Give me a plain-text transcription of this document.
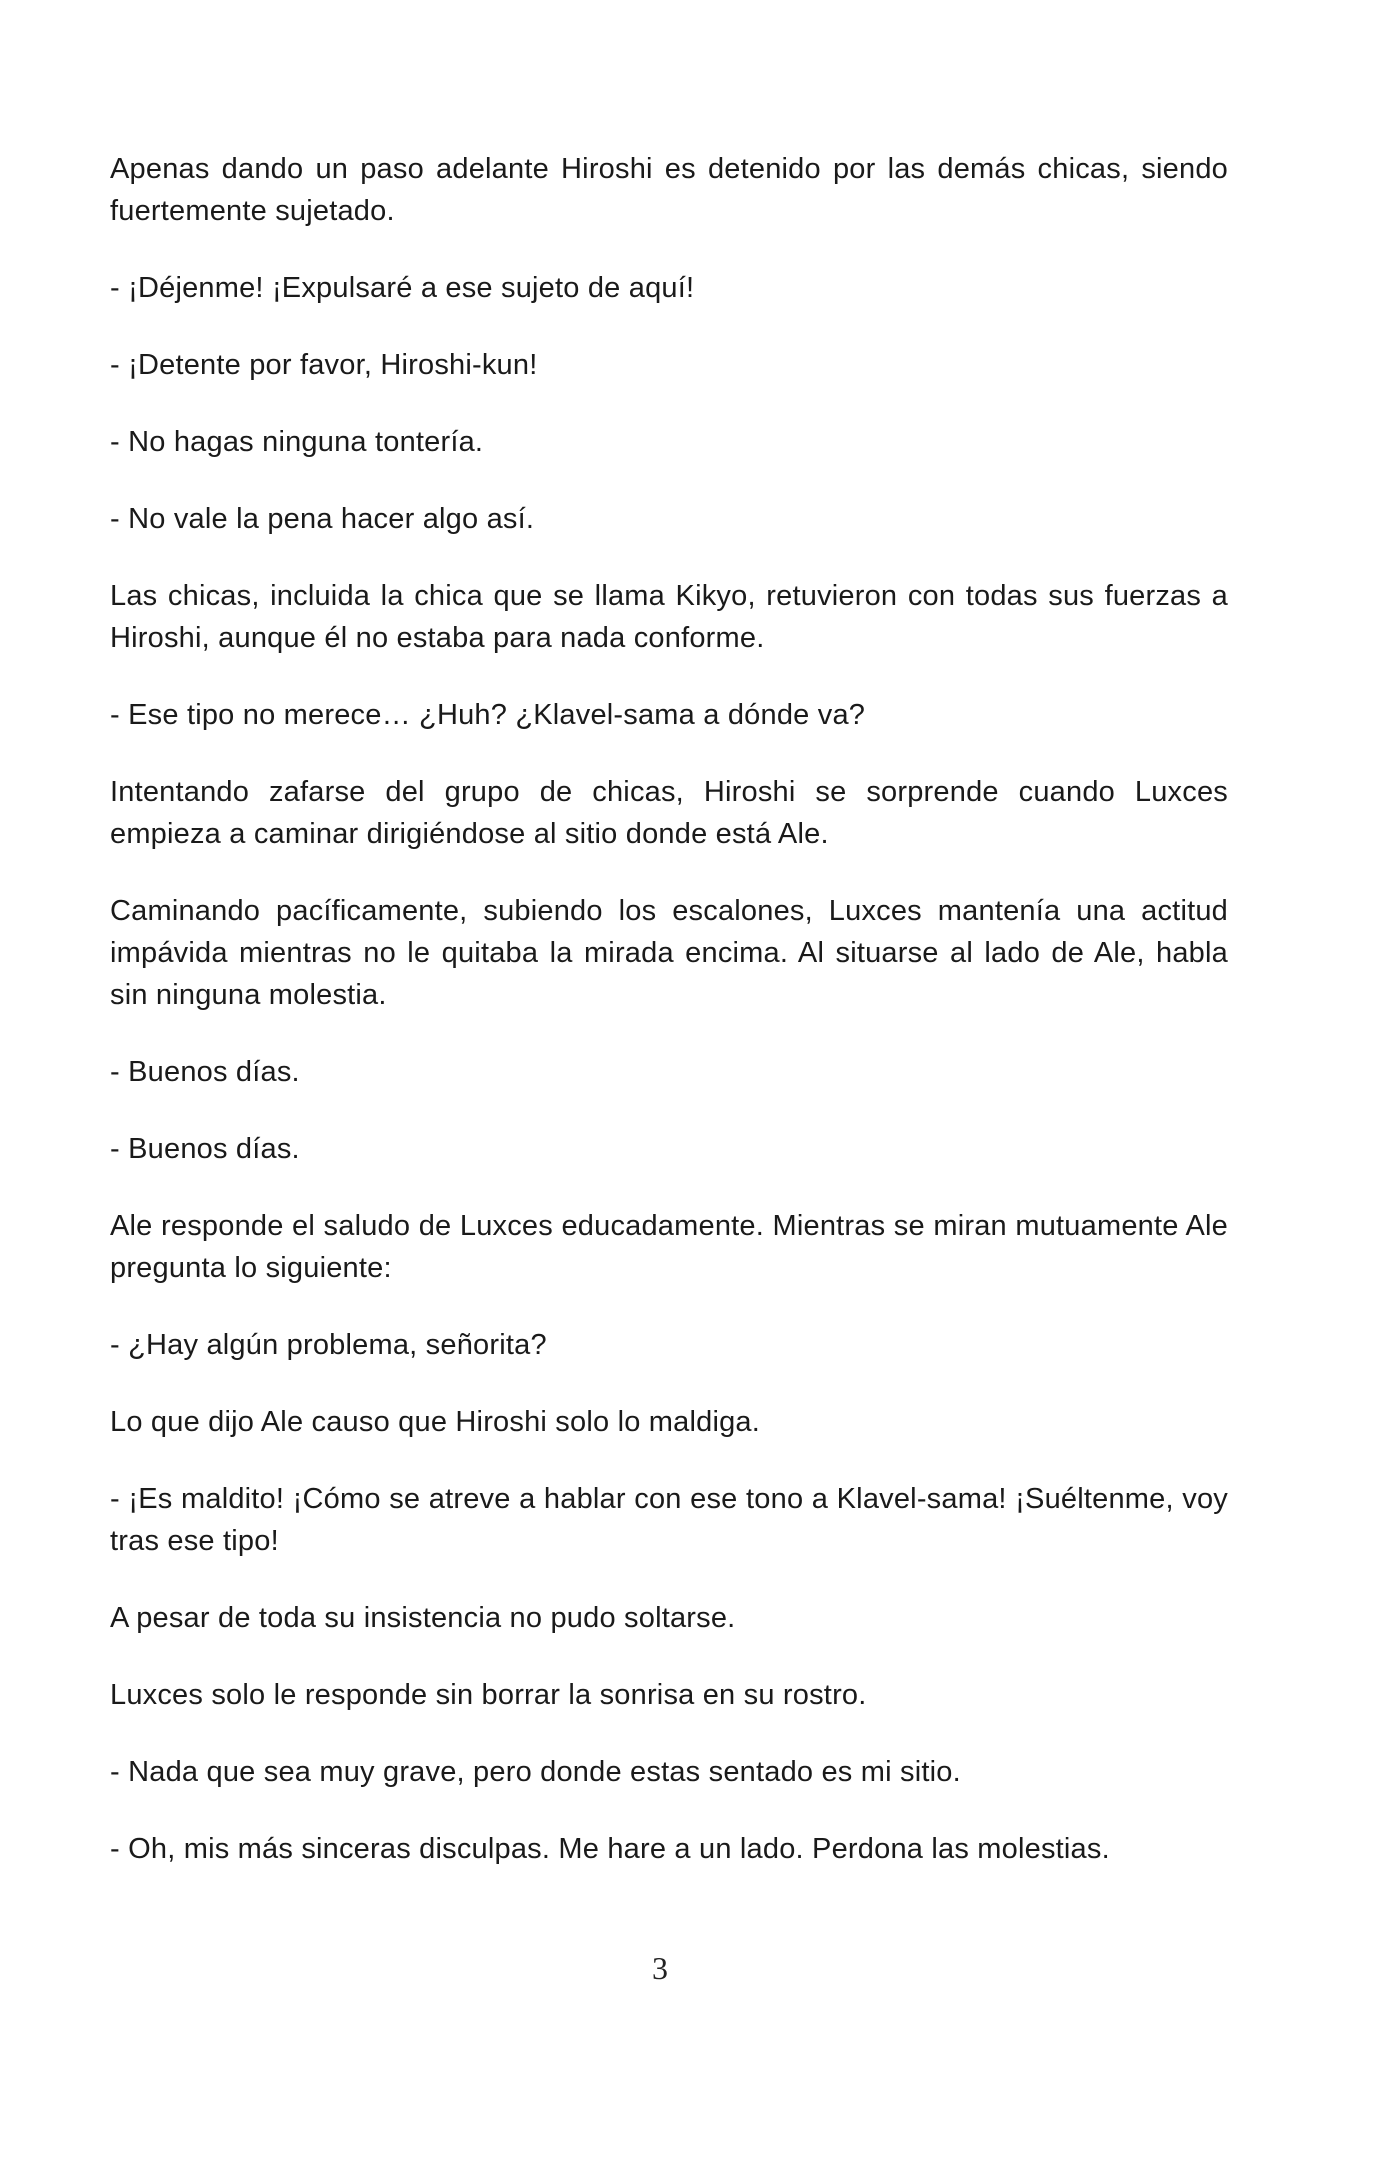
Apenas dando un paso adelante Hiroshi es detenido por las demás chicas, siendo fuertemente sujetado.

- ¡Déjenme! ¡Expulsaré a ese sujeto de aquí!

- ¡Detente por favor, Hiroshi-kun!

- No hagas ninguna tontería.

- No vale la pena hacer algo así.

Las chicas, incluida la chica que se llama Kikyo, retuvieron con todas sus fuerzas a Hiroshi, aunque él no estaba para nada conforme.

- Ese tipo no merece… ¿Huh? ¿Klavel-sama a dónde va?

Intentando zafarse del grupo de chicas, Hiroshi se sorprende cuando Luxces empieza a caminar dirigiéndose al sitio donde está Ale.

Caminando pacíficamente, subiendo los escalones, Luxces mantenía una actitud impávida mientras no le quitaba la mirada encima. Al situarse al lado de Ale, habla sin ninguna molestia.

- Buenos días.

- Buenos días.

Ale responde el saludo de Luxces educadamente. Mientras se miran mutuamente Ale pregunta lo siguiente:

- ¿Hay algún problema, señorita?

Lo que dijo Ale causo que Hiroshi solo lo maldiga.

- ¡Es maldito! ¡Cómo se atreve a hablar con ese tono a Klavel-sama! ¡Suéltenme, voy tras ese tipo!

A pesar de toda su insistencia no pudo soltarse.

Luxces solo le responde sin borrar la sonrisa en su rostro.

- Nada que sea muy grave, pero donde estas sentado es mi sitio.

- Oh, mis más sinceras disculpas. Me hare a un lado. Perdona las molestias.

3
